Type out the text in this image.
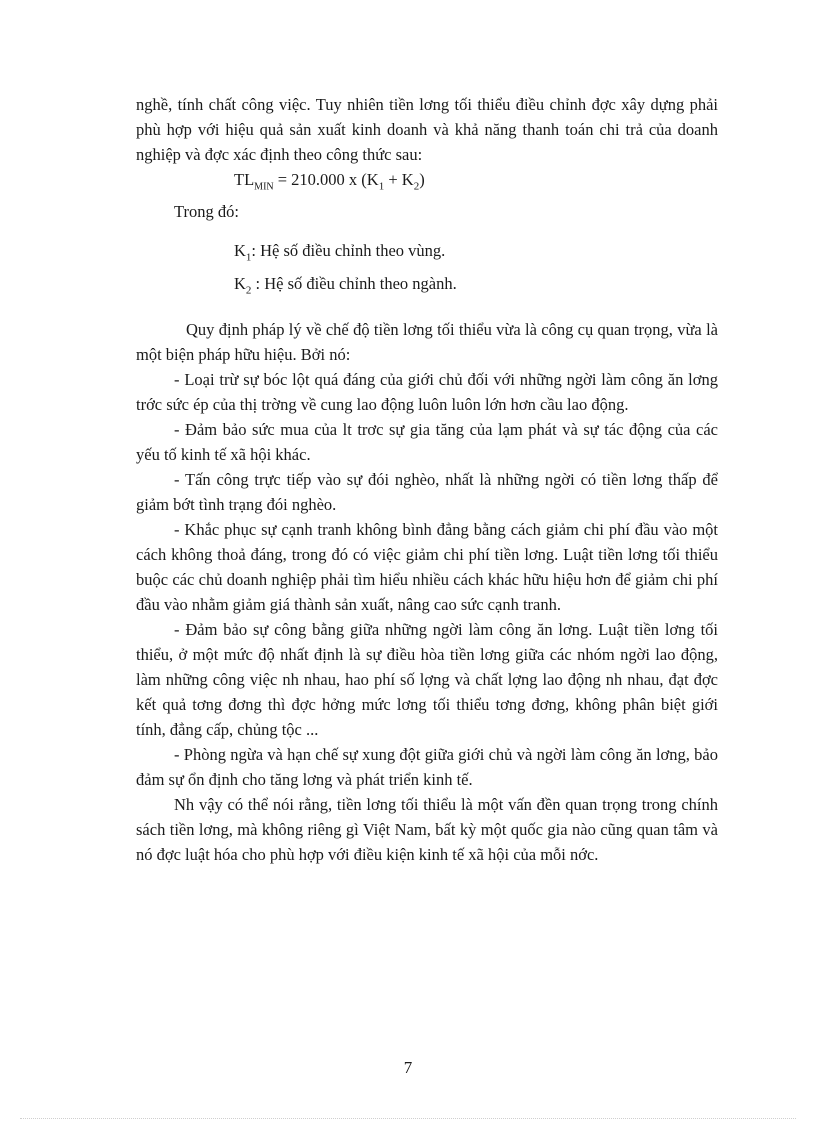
nghề, tính chất công việc. Tuy nhiên tiền lơng tối thiểu điều chỉnh đợc xây dựng phải phù hợp với hiệu quả sản xuất kinh doanh và khả năng thanh toán chi trả của doanh nghiệp và đợc xác định theo công thức sau:

$TL_{MIN} = 210.000$ x $(K_1 + K_2)$

Trong đó:

$K_1$: Hệ số điều chỉnh theo vùng.

$K_2$ : Hệ số điều chỉnh theo ngành.

Quy định pháp lý về chế độ tiền lơng tối thiểu vừa là công cụ quan trọng, vừa là một biện pháp hữu hiệu. Bởi nó:

- Loại trừ sự bóc lột quá đáng của giới chủ đối với những ngời làm công ăn lơng trớc sức ép của thị trờng về cung lao động luôn luôn lớn hơn cầu lao động.

- Đảm bảo sức mua của lt trơc sự gia tăng của lạm phát và sự tác động của các yếu tố kinh tế xã hội khác.

- Tấn công trực tiếp vào sự đói nghèo, nhất là những ngời có tiền lơng thấp để giảm bớt tình trạng đói nghèo.

- Khắc phục sự cạnh tranh không bình đẳng bằng cách giảm chi phí đầu vào một cách không thoả đáng, trong đó có việc giảm chi phí tiền lơng. Luật tiền lơng tối thiểu buộc các chủ doanh nghiệp phải tìm hiểu nhiều cách khác hữu hiệu hơn để giảm chi phí đầu vào nhằm giảm giá thành sản xuất, nâng cao sức cạnh tranh.

- Đảm bảo sự công bằng giữa những ngời làm công ăn lơng. Luật tiền lơng tối thiểu, ở một mức độ nhất định là sự điều hòa tiền lơng giữa các nhóm ngời lao động, làm những công việc nh nhau, hao phí số lợng và chất lợng lao động nh nhau, đạt đợc kết quả tơng đơng thì đợc hởng mức lơng tối thiểu tơng đơng, không phân biệt giới tính, đẳng cấp, chủng tộc ...

- Phòng ngừa và hạn chế sự xung đột giữa giới chủ và ngời làm công ăn lơng, bảo đảm sự ổn định cho tăng lơng và phát triển kinh tế.

Nh vậy có thể nói rằng, tiền lơng tối thiểu là một vấn đền quan trọng trong chính sách tiền lơng, mà không riêng gì Việt Nam, bất kỳ một quốc gia nào cũng quan tâm và nó đợc luật hóa cho phù hợp với điều kiện kinh tế xã hội của mỗi nớc.

7
